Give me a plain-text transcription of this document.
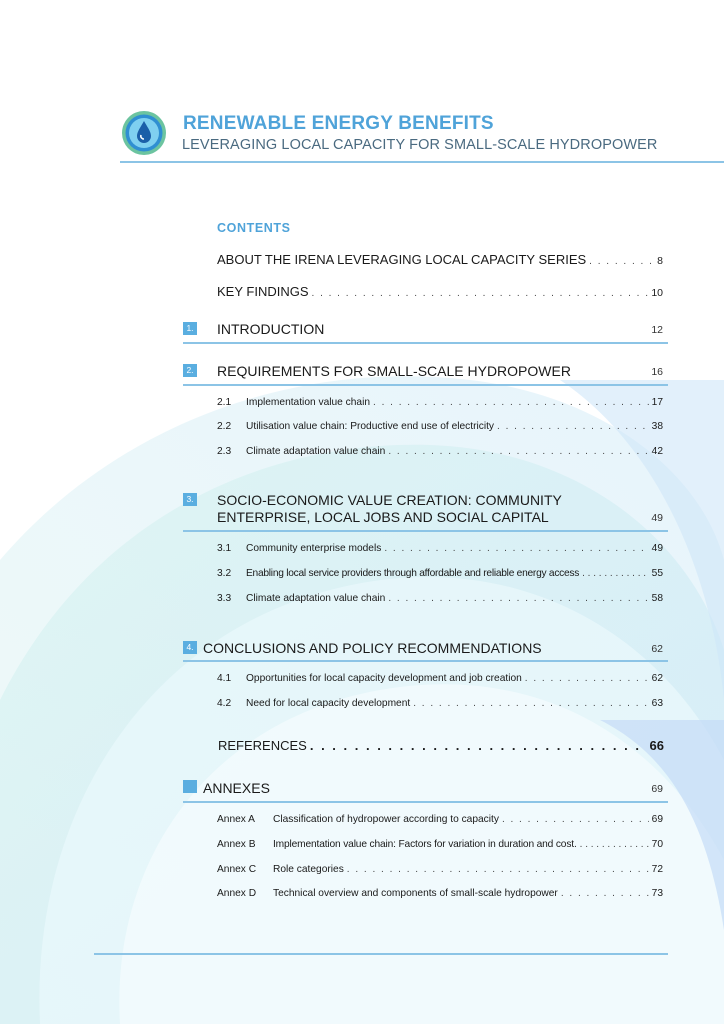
RENEWABLE ENERGY BENEFITS
LEVERAGING LOCAL CAPACITY FOR SMALL-SCALE HYDROPOWER
CONTENTS
ABOUT THE IRENA LEVERAGING LOCAL CAPACITY SERIES . . .	8
KEY FINDINGS . . .	10
1. INTRODUCTION	12
2. REQUIREMENTS FOR SMALL-SCALE HYDROPOWER	16
2.1	Implementation value chain . . .	17
2.2	Utilisation value chain: Productive end use of electricity . . .	38
2.3	Climate adaptation value chain . . .	42
3. SOCIO-ECONOMIC VALUE CREATION: COMMUNITY
ENTERPRISE, LOCAL JOBS AND SOCIAL CAPITAL	49
3.1	Community enterprise models . . .	49
3.2	Enabling local service providers through affordable and reliable energy access . . .	55
3.3	Climate adaptation value chain . . .	58
4. CONCLUSIONS AND POLICY RECOMMENDATIONS	62
4.1	Opportunities for local capacity development and job creation . . .	62
4.2	Need for local capacity development . . .	63
REFERENCES . . .	66
ANNEXES	69
Annex A	Classification of hydropower according to capacity . . .	69
Annex B	Implementation value chain: Factors for variation in duration and cost. . . .	70
Annex C	Role categories . . .	72
Annex D	Technical overview and components of small-scale hydropower . . .	73
